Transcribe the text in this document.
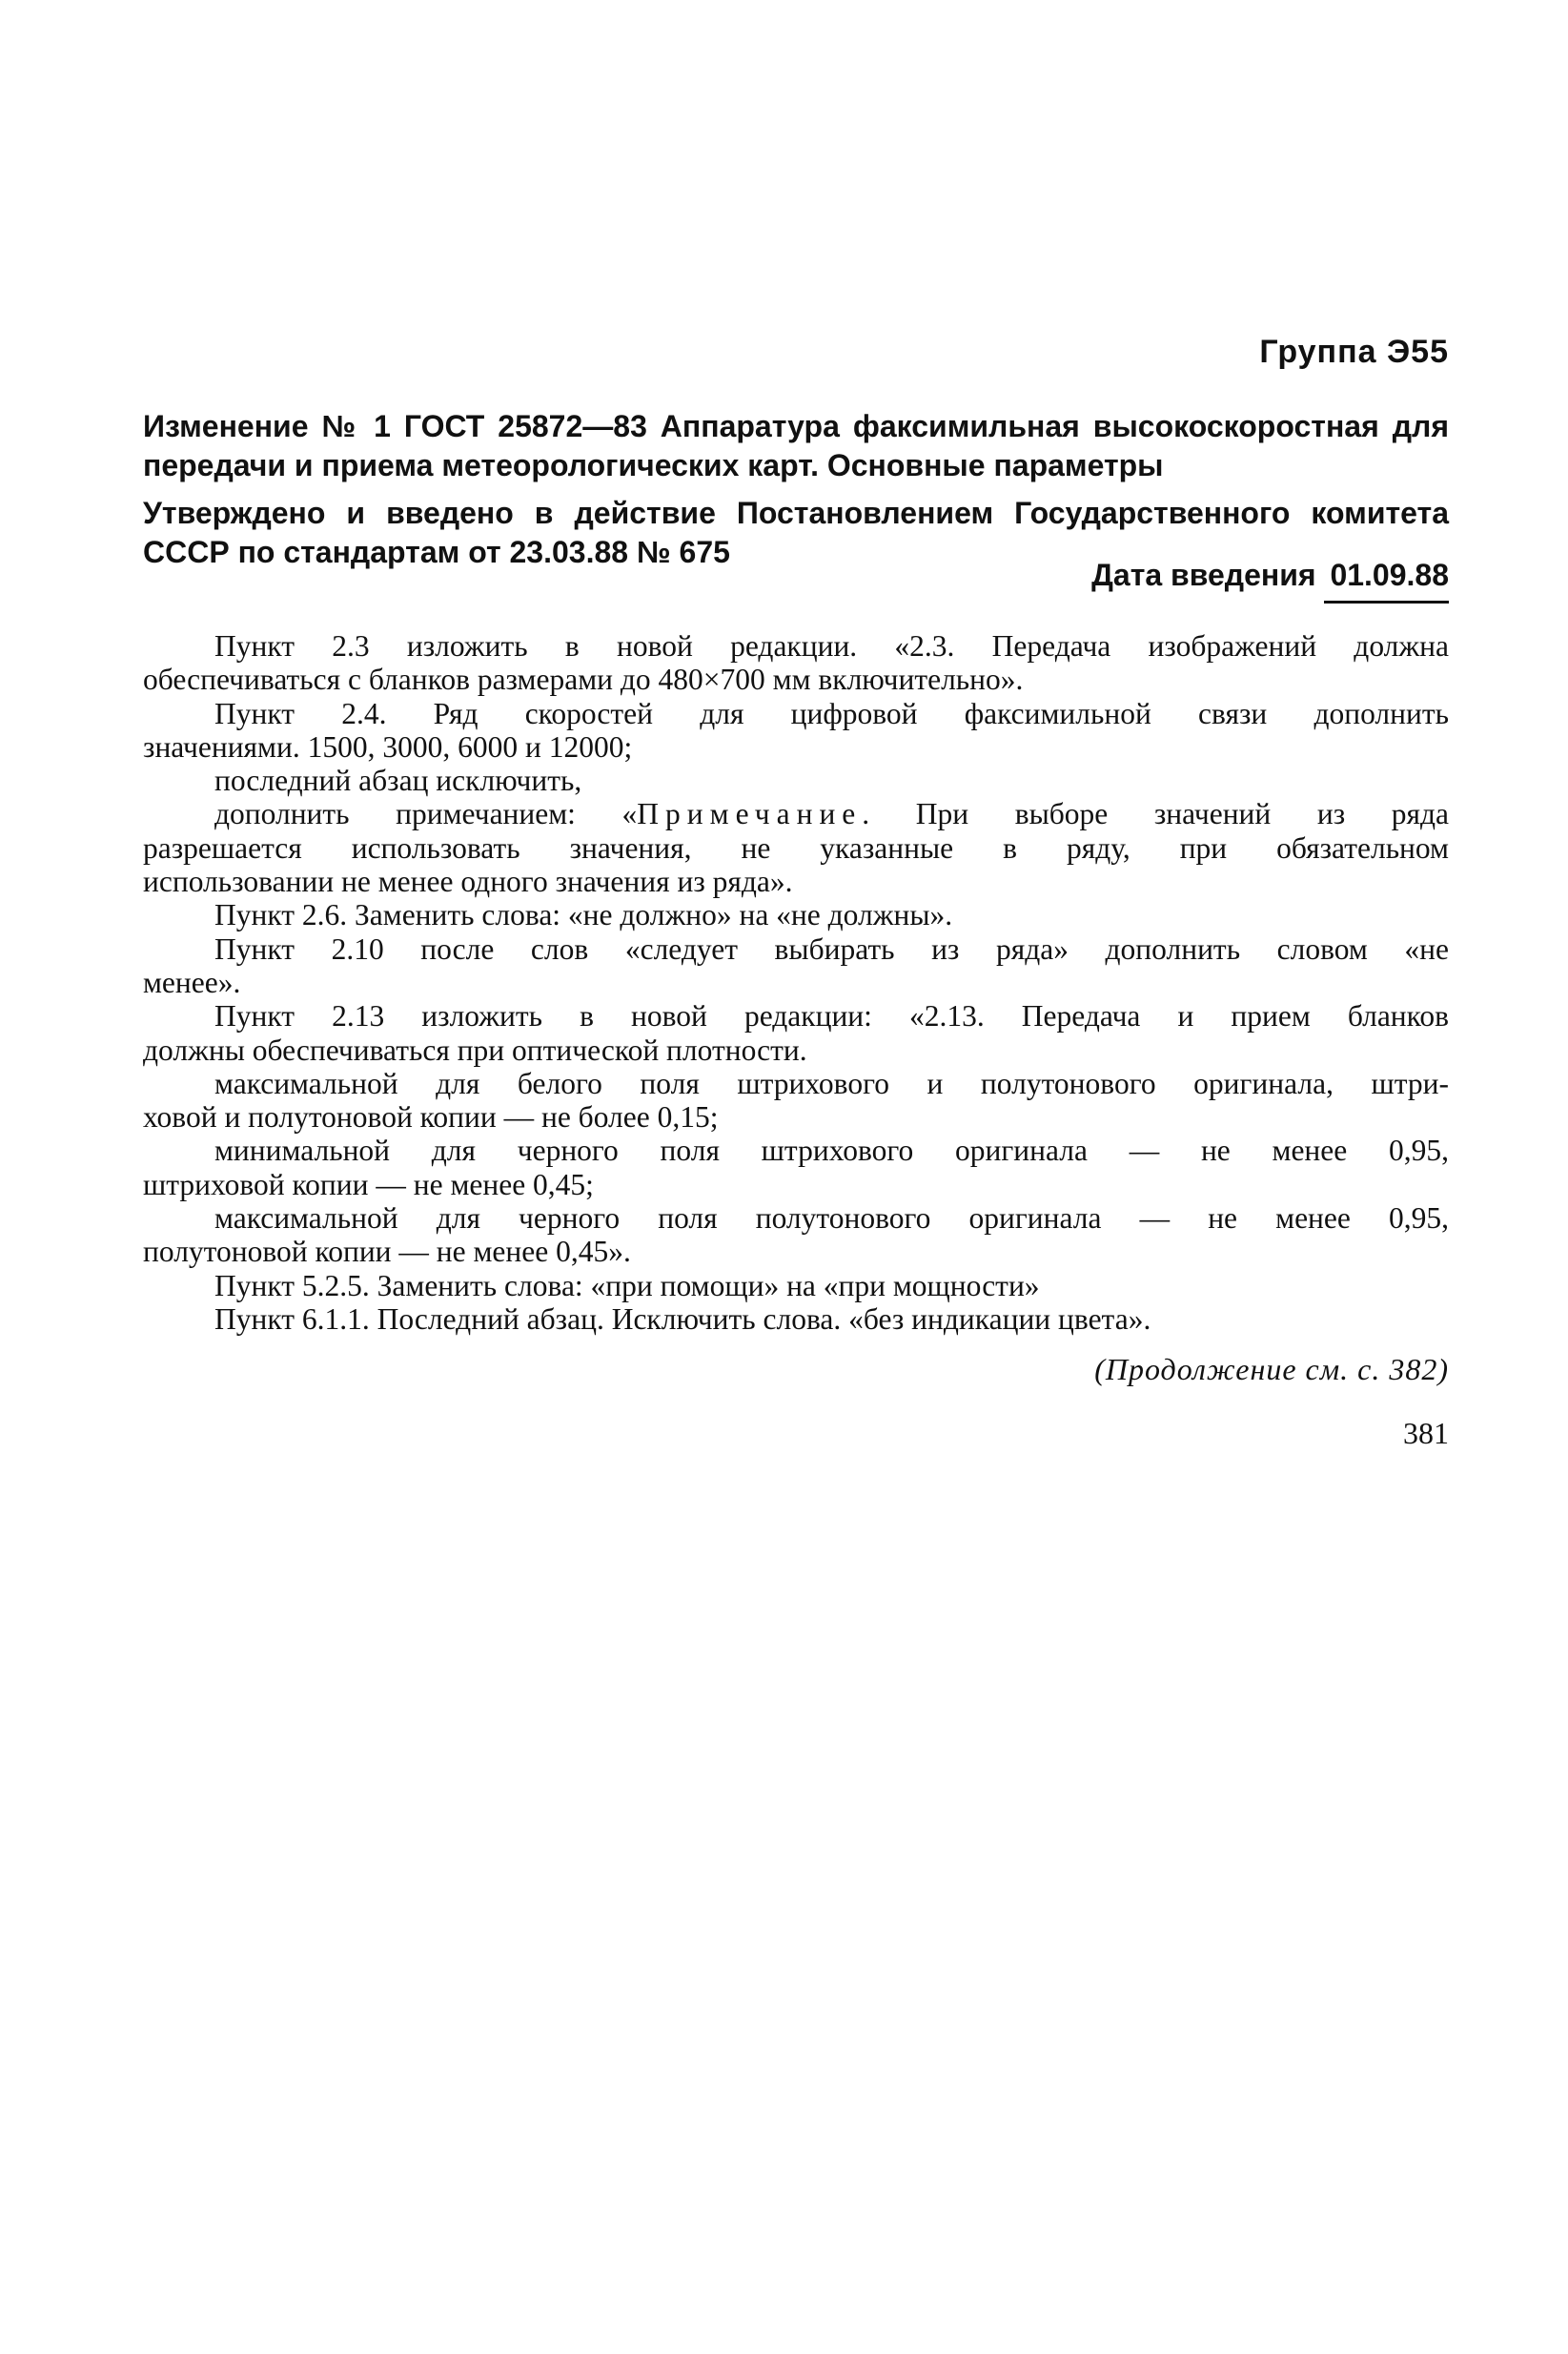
Группа Э55
Изменение № 1 ГОСТ 25872—83 Аппаратура факсимильная высокоскоростная для передачи и приема метеорологических карт. Основные параметры
Утверждено и введено в действие Постановлением Государственного комитета СССР по стандартам от 23.03.88 № 675
Дата введения 01.09.88
Пункт 2.3 изложить в новой редакции. «2.3. Передача изображений должна
обеспечиваться с бланков размерами до 480×700 мм включительно».
Пункт 2.4. Ряд скоростей для цифровой факсимильной связи дополнить
значениями. 1500, 3000, 6000 и 12000;
последний абзац исключить,
дополнить примечанием: «Примечание. При выборе значений из ряда
разрешается использовать значения, не указанные в ряду, при обязательном
использовании не менее одного значения из ряда».
Пункт 2.6. Заменить слова: «не должно» на «не должны».
Пункт 2.10 после слов «следует выбирать из ряда» дополнить словом «не
менее».
Пункт 2.13 изложить в новой редакции: «2.13. Передача и прием бланков
должны обеспечиваться при оптической плотности.
максимальной для белого поля штрихового и полутонового оригинала, штри-
ховой и полутоновой копии — не более 0,15;
минимальной для черного поля штрихового оригинала — не менее 0,95,
штриховой копии — не менее 0,45;
максимальной для черного поля полутонового оригинала — не менее 0,95,
полутоновой копии — не менее 0,45».
Пункт 5.2.5. Заменить слова: «при помощи» на «при мощности»
Пункт 6.1.1. Последний абзац. Исключить слова. «без индикации цвета».
(Продолжение см. с. 382)
381
